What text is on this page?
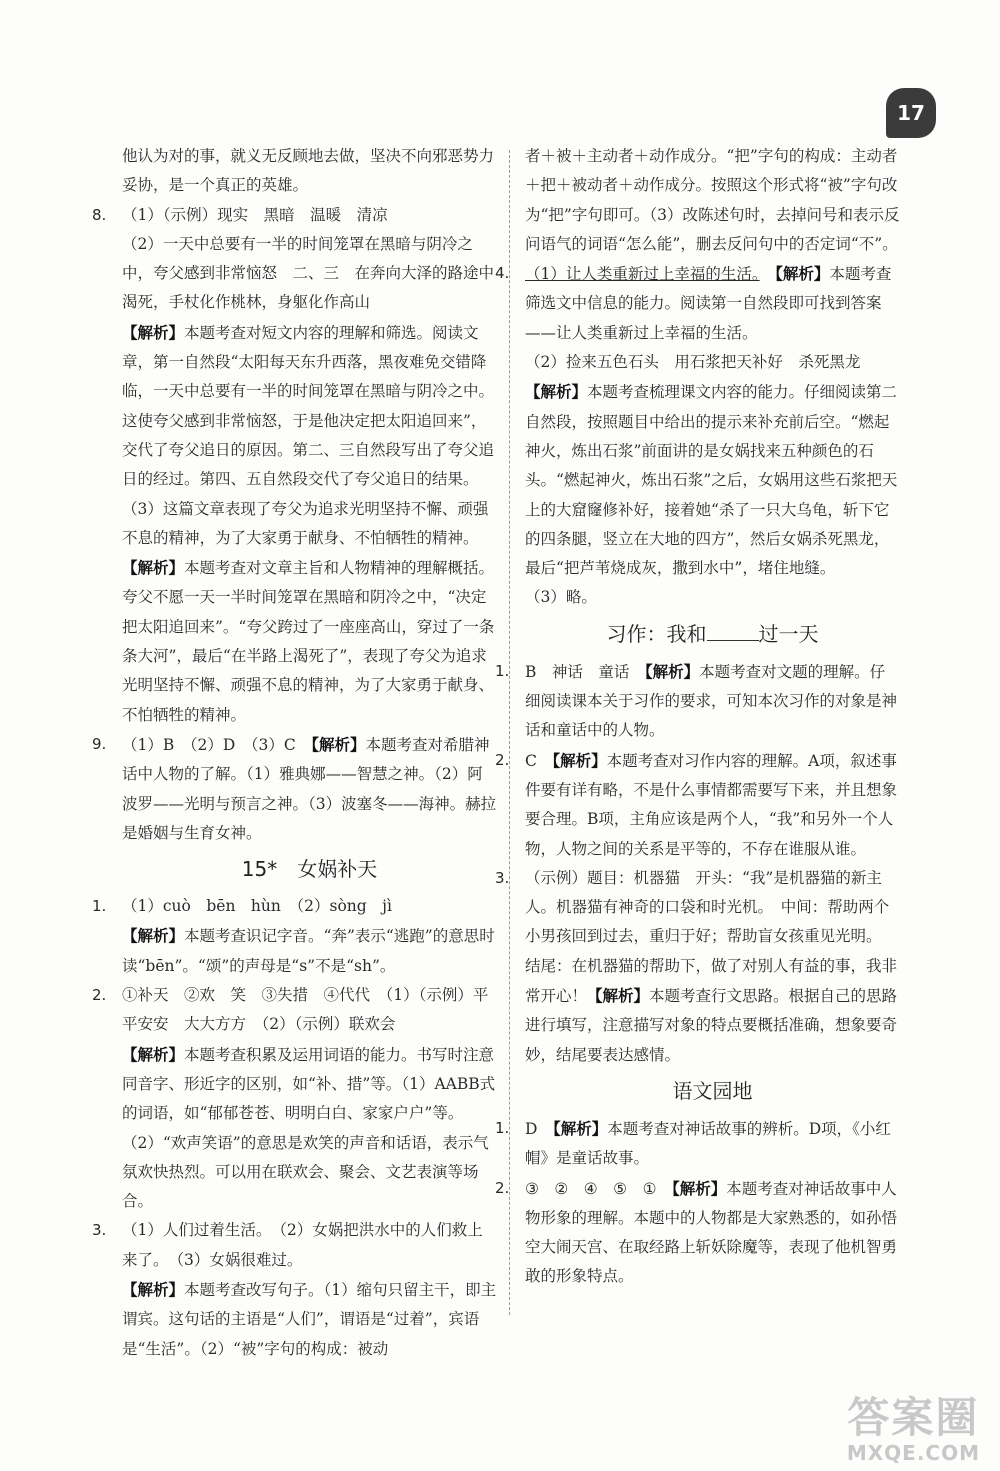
17

他认为对的事，就义无反顾地去做，坚决不向邪恶势力妥协，是一个真正的英雄。

8. （1）（示例）现实　黑暗　温暖　清凉
（2）一天中总要有一半的时间笼罩在黑暗与阴冷之中，夸父感到非常恼怒　二、三　在奔向大泽的路途中渴死，手杖化作桃林，身躯化作高山
【解析】本题考查对短文内容的理解和筛选。阅读文章，第一自然段“太阳每天东升西落，黑夜难免交错降临，一天中总要有一半的时间笼罩在黑暗与阴冷之中。这使夸父感到非常恼怒，于是他决定把太阳追回来”，交代了夸父追日的原因。第二、三自然段写出了夸父追日的经过。第四、五自然段交代了夸父追日的结果。
（3）这篇文章表现了夸父为追求光明坚持不懈、顽强不息的精神，为了大家勇于献身、不怕牺牲的精神。【解析】本题考查对文章主旨和人物精神的理解概括。夸父不愿一天一半时间笼罩在黑暗和阴冷之中，“决定把太阳追回来”。“夸父跨过了一座座高山，穿过了一条条大河”，最后“在半路上渴死了”，表现了夸父为追求光明坚持不懈、顽强不息的精神，为了大家勇于献身、不怕牺牲的精神。
9. （1）B　（2）D　（3）C　【解析】本题考查对希腊神话中人物的了解。（1）雅典娜——智慧之神。（2）阿波罗——光明与预言之神。（3）波塞冬——海神。赫拉是婚姻与生育女神。
15*　女娲补天
1. （1）cuò　bēn　hùn　（2）sòng　jì
【解析】本题考查识记字音。“奔”表示“逃跑”的意思时读“bēn”。“颂”的声母是“s”不是“sh”。
2. ①补天　②欢　笑　③失措　④代代　（1）（示例）平平安安　大大方方　（2）（示例）联欢会
【解析】本题考查积累及运用词语的能力。书写时注意同音字、形近字的区别，如“补、措”等。（1）AABB式的词语，如“郁郁苍苍、明明白白、家家户户”等。（2）“欢声笑语”的意思是欢笑的声音和话语，表示气氛欢快热烈。可以用在联欢会、聚会、文艺表演等场合。
3. （1）人们过着生活。　（2）女娲把洪水中的人们救上来了。　（3）女娲很难过。
【解析】本题考查改写句子。（1）缩句只留主干，即主谓宾。这句话的主语是“人们”，谓语是“过着”，宾语是“生活”。（2）“被”字句的构成：被动

者＋被＋主动者＋动作成分。“把”字句的构成：主动者＋把＋被动者＋动作成分。按照这个形式将“被”字句改为“把”字句即可。（3）改陈述句时，去掉问号和表示反问语气的词语“怎么能”，删去反问句中的否定词“不”。

4. （1）让人类重新过上幸福的生活。　 【解析】本题考查筛选文中信息的能力。阅读第一自然段即可找到答案——让人类重新过上幸福的生活。
（2）捡来五色石头　用石浆把天补好　杀死黑龙
【解析】本题考查梳理课文内容的能力。仔细阅读第二自然段，按照题目中给出的提示来补充前后空。“燃起神火，炼出石浆”前面讲的是女娲找来五种颜色的石头。“燃起神火，炼出石浆”之后，女娲用这些石浆把天上的大窟窿修补好，接着她“杀了一只大乌龟，斩下它的四条腿，竖立在大地的四方”，然后女娲杀死黑龙，最后“把芦苇烧成灰，撒到水中”，堵住地缝。
（3）略。
习作：我和	过一天
1. B　神话　童话　【解析】本题考查对文题的理解。仔细阅读课本关于习作的要求，可知本次习作的对象是神话和童话中的人物。
2. C　【解析】本题考查对习作内容的理解。A项，叙述事件要有详有略，不是什么事情都需要写下来，并且想象要合理。B项，主角应该是两个人，“我”和另外一个人物，人物之间的关系是平等的，不存在谁服从谁。
3. （示例）题目：机器猫　开头：“我”是机器猫的新主人。机器猫有神奇的口袋和时光机。　中间：帮助两个小男孩回到过去，重归于好；帮助盲女孩重见光明。　结尾：在机器猫的帮助下，做了对别人有益的事，我非常开心！【解析】本题考查行文思路。根据自己的思路进行填写，注意描写对象的特点要概括准确，想象要奇妙，结尾要表达感情。
语文园地
1. D　【解析】本题考查对神话故事的辨析。D项，《小红帽》是童话故事。
2. ③　②　④　⑤　①　【解析】本题考查对神话故事中人物形象的理解。本题中的人物都是大家熟悉的，如孙悟空大闹天宫、在取经路上斩妖除魔等，表现了他机智勇敢的形象特点。
答案圈
MXQE.COM
